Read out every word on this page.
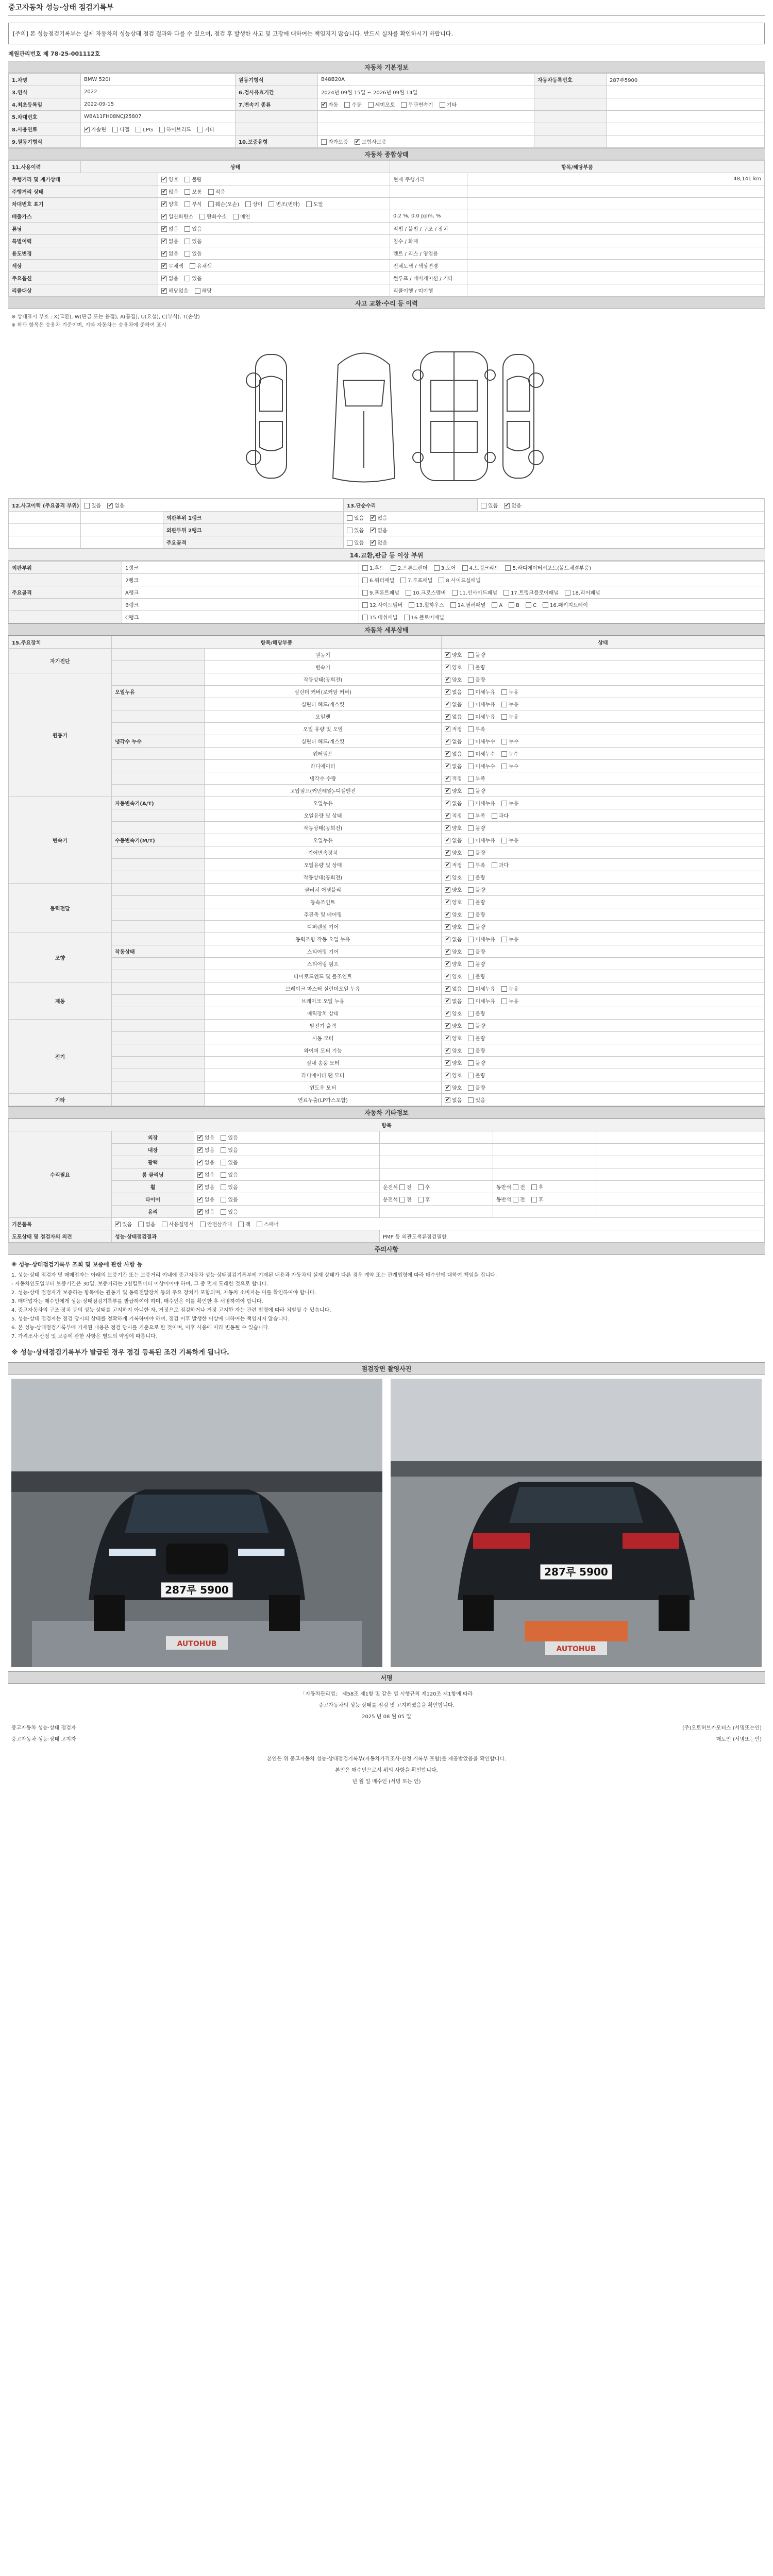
중고자동차 성능·상태 점검기록부
[주의] 본 성능점검기록부는 실제 자동차의 성능상태 점검 결과와 다를 수 있으며, 점검 후 발생한 사고 및 고장에 대하여는 책임지지 않습니다. 반드시 실차를 확인하시기 바랍니다.
제원관리번호 제 78-25-001112호
자동차 기본정보
1.차명	BMW 520I	원동기형식	B48B20A	자동차등록번호	287루5900
3.연식	2022	6.검사유효기간	2024년 09월 15일 ~ 2026년 09월 14일		
4.최초등록일	2022-09-15	7.변속기 종류	✔자동 수동 세미오토 무단변속기 기타		
5.차대번호	WBA11FH08NCJ25807				
8.사용연료	✔가솔린 디젤 LPG 하이브리드 기타				
9.원동기형식		10.보증유형	자가보증 ✔ 보험사보증		
자동차 종합상태
11.사용이력	상태		항목/해당부품	
주행거리 및 계기상태	✔양호 불량	현재 주행거리	48,141 km
주행거리 상태	✔많음 보통 적음		
차대번호 표기	✔양호 부식 훼손(오손) 상이 변조(변타) 도말		
배출가스	✔일산화탄소 탄화수소 매연	0.2 %, 0.0 ppm, %	
튜닝	✔없음 있음	적법 / 불법 / 구조 / 장치	
특별이력	✔없음 있음	침수 / 화재	
용도변경	✔없음 있음	렌트 / 리스 / 영업용	
색상	✔무채색 유채색	전체도색 / 색상변경	
주요옵션	✔없음 있음	썬루프 / 네비게이션 / 기타	
리콜대상	✔해당없음 해당	리콜이행 / 미이행	
사고 교환·수리 등 이력
※ 상태표시 부호 : X(교환), W(판금 또는 용접), A(흠집), U(요철), C(부식), T(손상)
※ 하단 항목은 승용차 기준이며, 기타 자동차는 승용차에 준하여 표시
12.사고이력 (주요골격 부위)	있음 ✔ 없음		13.단순수리	있음 ✔ 없음
		외판부위 1랭크	있음 ✔ 없음
		외판부위 2랭크	있음 ✔ 없음
		주요골격	있음 ✔ 없음
14.교환,판금 등 이상 부위
외판부위	1랭크	1.후드 2.프론트펜더 3.도어 4.트렁크리드 5.라디에이터서포트(볼트체결부품)
	2랭크	6.쿼터패널 7.루프패널 8.사이드실패널
주요골격	A랭크	9.프론트패널 10.크로스멤버 11.인사이드패널 17.트렁크플로어패널 18.리어패널
	B랭크	12.사이드멤버 13.휠하우스 14.필러패널 A B C 16.패키지트레이
	C랭크	15.대쉬패널 16.플로어패널
자동차 세부상태
15.주요장치	항목/해당부품		상태
자기진단		원동기	✔양호 불량
		변속기	✔양호 불량
원동기		작동상태(공회전)	✔양호 불량
	오일누유	실린더 커버(로커암 커버)	✔없음 미세누유 누유
		실린더 헤드/개스킷	✔없음 미세누유 누유
		오일팬	✔없음 미세누유 누유
		오일 유량 및 오염	✔적정 부족
	냉각수 누수	실린더 헤드/개스킷	✔없음 미세누수 누수
		워터펌프	✔없음 미세누수 누수
		라디에이터	✔없음 미세누수 누수
		냉각수 수량	✔적정 부족
		고압펌프(커먼레일)-디젤엔진	✔양호 불량
변속기	자동변속기(A/T)	오일누유	✔없음 미세누유 누유
		오일유량 및 상태	✔적정 부족 과다
		작동상태(공회전)	✔양호 불량
	수동변속기(M/T)	오일누유	✔없음 미세누유 누유
		기어변속장치	✔양호 불량
		오일유량 및 상태	✔적정 부족 과다
		작동상태(공회전)	✔양호 불량
동력전달		클러치 어셈블리	✔양호 불량
		등속조인트	✔양호 불량
		추진축 및 베어링	✔양호 불량
		디퍼렌셜 기어	✔양호 불량
조향		동력조향 작동 오일 누유	✔없음 미세누유 누유
	작동상태	스티어링 기어	✔양호 불량
		스티어링 펌프	✔양호 불량
		타이로드엔드 및 볼조인트	✔양호 불량
제동		브레이크 마스터 실린더오일 누유	✔없음 미세누유 누유
		브레이크 오일 누유	✔없음 미세누유 누유
		배력장치 상태	✔양호 불량
전기		발전기 출력	✔양호 불량
		시동 모터	✔양호 불량
		와이퍼 모터 기능	✔양호 불량
		실내 송풍 모터	✔양호 불량
		라디에이터 팬 모터	✔양호 불량
		윈도우 모터	✔양호 불량
기타		연료누출(LP가스포함)	✔없음 있음
자동차 기타정보
항목					
수리필요	외장	✔없음 있음			
	내장	✔없음 있음			
	광택	✔없음 있음			
	룸 클리닝	✔없음 있음			
	휠	✔없음 있음	운전석 전 후	동반석 전 후	
	타이어	✔없음 있음	운전석 전 후	동반석 전 후	
	유리	✔없음 있음			
기본품목	✔있음 없음 사용설명서 안전삼각대 잭 스패너
도포상태 및 점검자의 의견	성능·상태점검결과		PMP 등 외관도색류점검필함		
주의사항
※ 성능·상태점검기록부 조회 및 보증에 관한 사항 등
1. 성능·상태 점검자 및 매매업자는 아래의 보증기간 또는 보증거리 이내에 중고자동차 성능·상태점검기록부에 기재된 내용과 자동차의 실제 상태가 다른 경우 계약 또는 관계법령에 따라 매수인에 대하여 책임을 집니다.
- 자동차인도일부터 보증기간은 30일, 보증거리는 2천킬로미터 이상이어야 하며, 그 중 먼저 도래한 것으로 합니다.
2. 성능·상태 점검자가 보증하는 항목에는 원동기 및 동력전달장치 등의 주요 장치가 포함되며, 자동차 소비자는 이를 확인하여야 합니다.
3. 매매업자는 매수인에게 성능·상태점검기록부를 발급하여야 하며, 매수인은 이를 확인한 후 서명하여야 합니다.
4. 중고자동차의 구조·장치 등의 성능·상태를 고지하지 아니한 자, 거짓으로 점검하거나 거짓 고지한 자는 관련 법령에 따라 처벌될 수 있습니다.
5. 성능·상태 점검자는 점검 당시의 상태를 정확하게 기록하여야 하며, 점검 이후 발생한 이상에 대하여는 책임지지 않습니다.
6. 본 성능·상태점검기록부에 기재된 내용은 점검 당시를 기준으로 한 것이며, 이후 사용에 따라 변동될 수 있습니다.
7. 가격조사·산정 및 보증에 관한 사항은 별도의 약정에 따릅니다.
※ 성능·상태점검기록부가 발급된 경우 점검 등록된 조건 기록하게 됩니다.
점검장면 촬영사진
287루 5900
AUTOHUB
287루 5900
AUTOHUB
서명
「자동차관리법」 제58조 제1항 및 같은 법 시행규칙 제120조 제1항에 따라
중고자동차의 성능·상태를 점검 및 고지하였음을 확인합니다.
2025 년 08 월 05 일
중고자동차 성능·상태 점검자	(주)오토허브카모터스 (서명또는인)
중고자동차 성능·상태 고지자	매도인 (서명또는인)
본인은 위 중고자동차 성능·상태점검기록부(자동차가격조사·산정 기록부 포함)를 제공받았음을 확인합니다.
본인은 매수인으로서 위의 사항을 확인합니다.
년 월 일 매수인 (서명 또는 인)
